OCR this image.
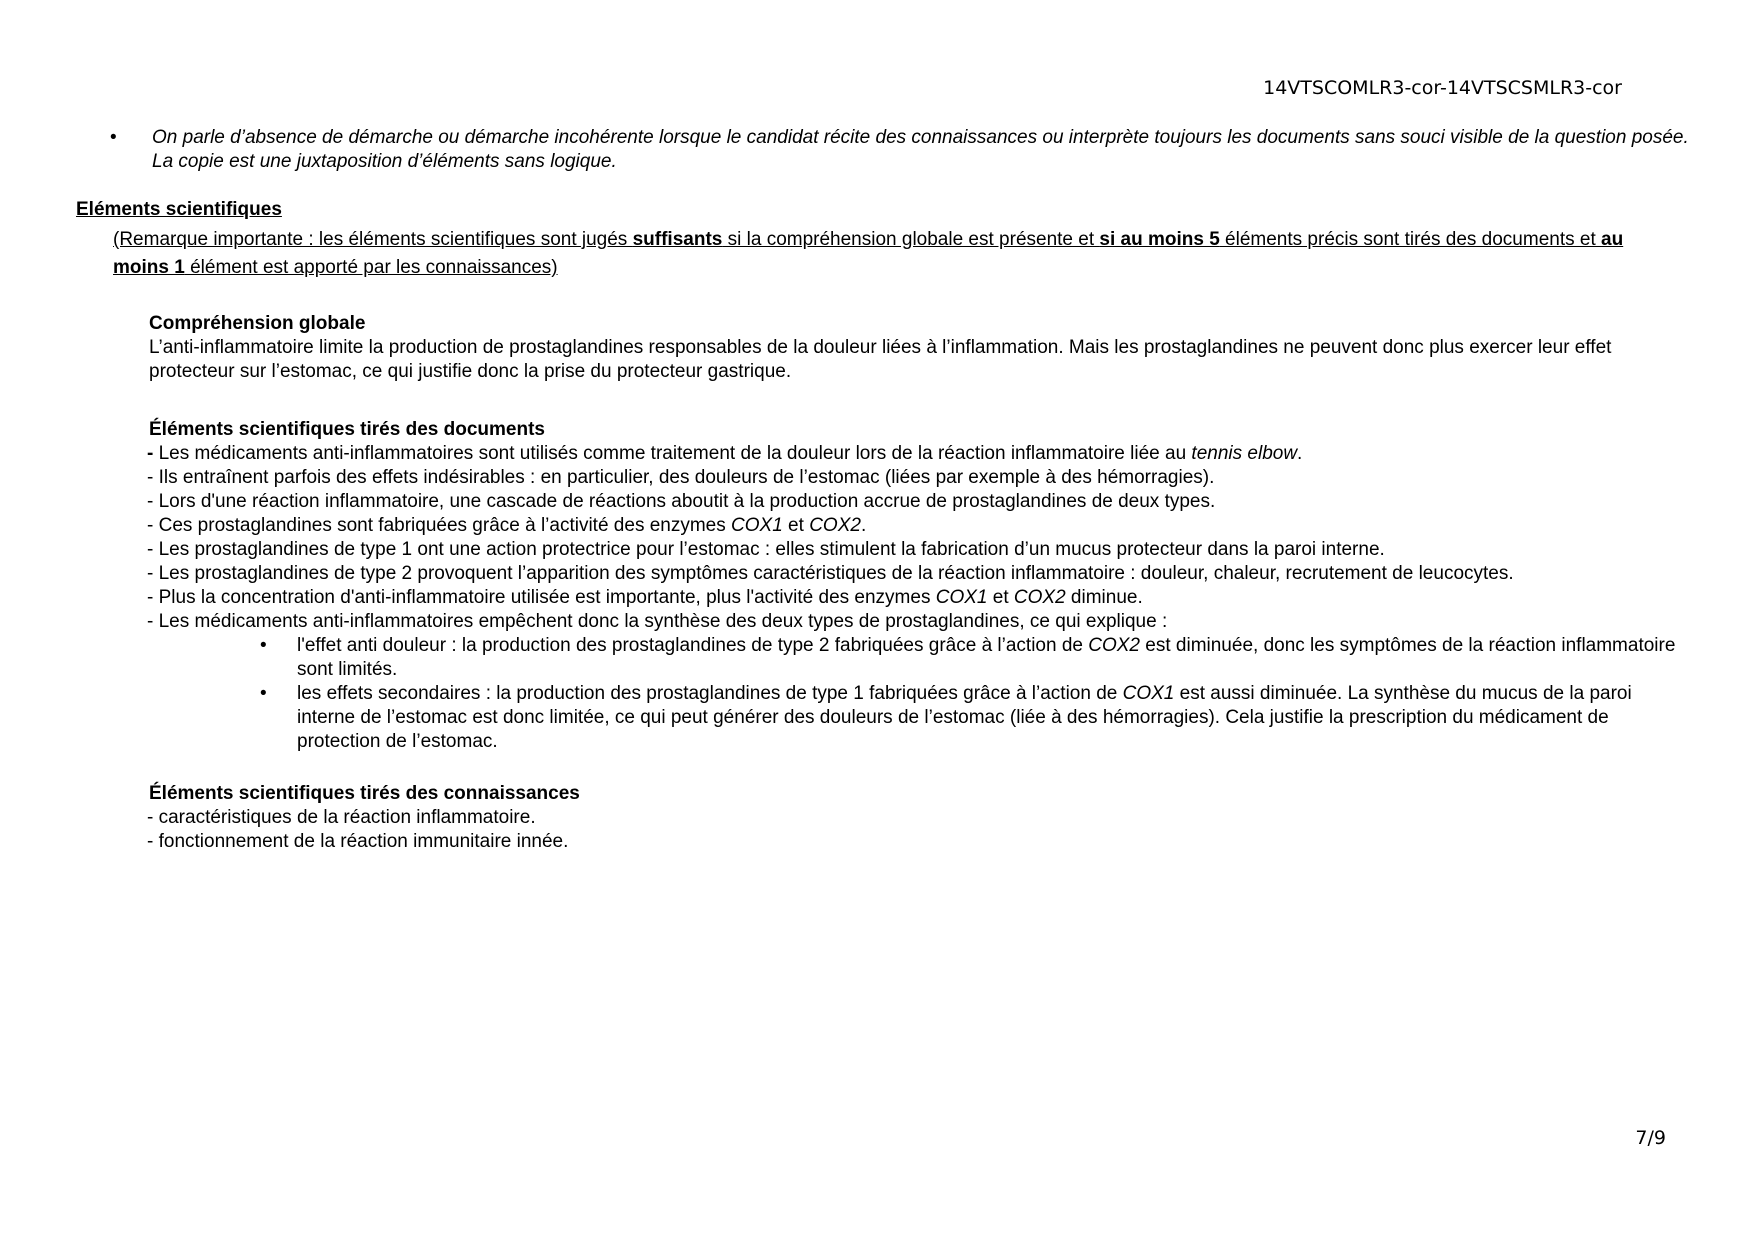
14VTSCOMLR3-cor-14VTSCSMLR3-cor
• On parle d’absence de démarche ou démarche incohérente lorsque le candidat récite des connaissances ou interprète toujours les documents sans souci visible de la question posée. La copie est une juxtaposition d’éléments sans logique.
Eléments scientifiques
(Remarque importante : les éléments scientifiques sont jugés suffisants si la compréhension globale est présente et si au moins 5 éléments précis sont tirés des documents et au moins 1 élément est apporté par les connaissances)
Compréhension globale

L’anti-inflammatoire limite la production de prostaglandines responsables de la douleur liées à l’inflammation. Mais les prostaglandines ne peuvent donc plus exercer leur effet protecteur sur l’estomac, ce qui justifie donc la prise du protecteur gastrique.

Éléments scientifiques tirés des documents
- Les médicaments anti-inflammatoires sont utilisés comme traitement de la douleur lors de la réaction inflammatoire liée au tennis elbow.
- Ils entraînent parfois des effets indésirables : en particulier, des douleurs de l’estomac (liées par exemple à des hémorragies).
- Lors d'une réaction inflammatoire, une cascade de réactions aboutit à la production accrue de prostaglandines de deux types.
- Ces prostaglandines sont fabriquées grâce à l’activité des enzymes COX1 et COX2.
- Les prostaglandines de type 1 ont une action protectrice pour l’estomac : elles stimulent la fabrication d’un mucus protecteur dans la paroi interne.
- Les prostaglandines de type 2 provoquent l’apparition des symptômes caractéristiques de la réaction inflammatoire : douleur, chaleur, recrutement de leucocytes.
- Plus la concentration d'anti-inflammatoire utilisée est importante, plus l'activité des enzymes COX1 et COX2 diminue.
- Les médicaments anti-inflammatoires empêchent donc la synthèse des deux types de prostaglandines, ce qui explique :
• l'effet anti douleur : la production des prostaglandines de type 2 fabriquées grâce à l’action de COX2 est diminuée, donc les symptômes de la réaction inflammatoire sont limités.
• les effets secondaires : la production des prostaglandines de type 1 fabriquées grâce à l’action de COX1 est aussi diminuée. La synthèse du mucus de la paroi interne de l’estomac est donc limitée, ce qui peut générer des douleurs de l’estomac (liée à des hémorragies). Cela justifie la prescription du médicament de protection de l’estomac.
Éléments scientifiques tirés des connaissances
- caractéristiques de la réaction inflammatoire.
- fonctionnement de la réaction immunitaire innée.
7/9
